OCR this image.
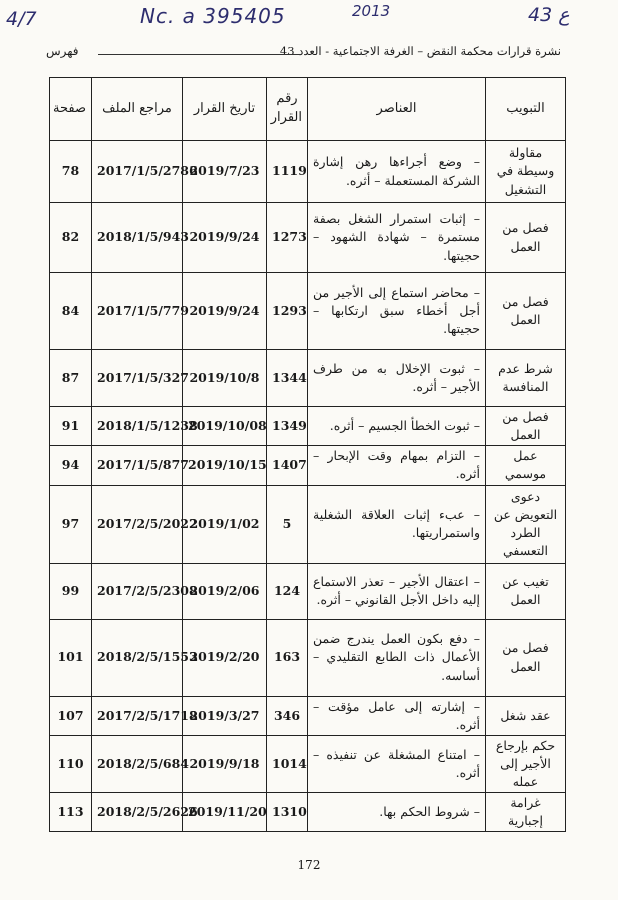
4/7	Nc. a 395405	2013	43 ع
نشرة قرارات محكمة النقض – الغرفة الاجتماعية - العدد 43
فهرس
التبويب	العناصر	رقم القرار	تاريخ القرار	مراجع الملف	صفحة
مقاولة وسيطة في التشغيل	– وضع أجراءها رهن إشارة الشركة المستعملة – أثره.	1119	2019/7/23	2017/1/5/2786	78
فصل من العمل	– إثبات استمرار الشغل بصفة مستمرة – شهادة الشهود – حجيتها.	1273	2019/9/24	2018/1/5/943	82
فصل من العمل	– محاضر استماع إلى الأجير من أجل أخطاء سبق ارتكابها – حجيتها.	1293	2019/9/24	2017/1/5/779	84
شرط عدم المنافسة	– ثبوت الإخلال به من طرف الأجير – أثره.	1344	2019/10/8	2017/1/5/327	87
فصل من العمل	– ثبوت الخطأ الجسيم – أثره.	1349	2019/10/08	2018/1/5/1238	91
عمل موسمي	– التزام بمهام وقت الإبحار – أثره.	1407	2019/10/15	2017/1/5/877	94
دعوى التعويض عن الطرد التعسفي	– عبء إثبات العلاقة الشغلية واستمراريتها.	5	2019/1/02	2017/2/5/2022	97
تغيب عن العمل	– اعتقال الأجير – تعذر الاستماع إليه داخل الأجل القانوني – أثره.	124	2019/2/06	2017/2/5/2308	99
فصل من العمل	– دفع بكون العمل يندرج ضمن الأعمال ذات الطابع التقليدي – أساسه.	163	2019/2/20	2018/2/5/1553	101
عقد شغل	– إشارته إلى عامل مؤقت – أثره.	346	2019/3/27	2017/2/5/1718	107
حكم بإرجاع الأجير إلى عمله	– امتناع المشغلة عن تنفيذه – أثره.	1014	2019/9/18	2018/2/5/684	110
غرامة إجبارية	– شروط الحكم بها.	1310	2019/11/20	2018/2/5/2626	113
172
